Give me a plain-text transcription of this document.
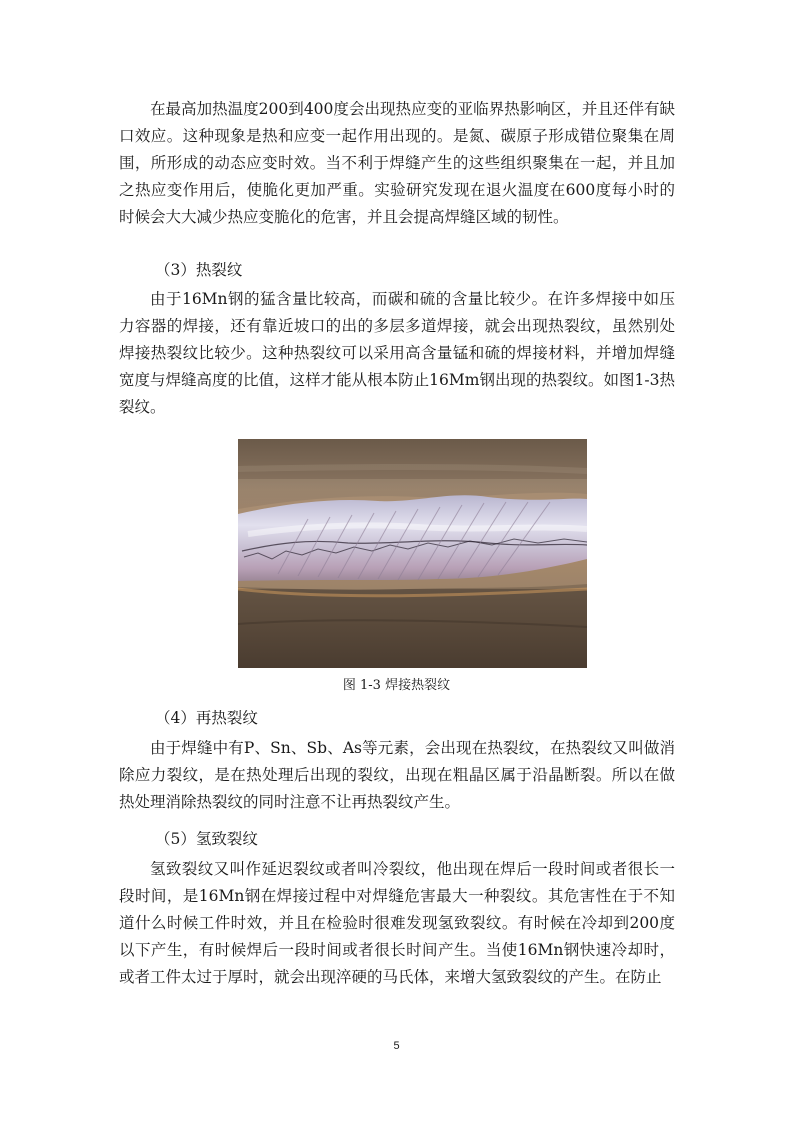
在最高加热温度200到400度会出现热应变的亚临界热影响区，并且还伴有缺口效应。这种现象是热和应变一起作用出现的。是氮、碳原子形成错位聚集在周围，所形成的动态应变时效。当不利于焊缝产生的这些组织聚集在一起，并且加之热应变作用后，使脆化更加严重。实验研究发现在退火温度在600度每小时的时候会大大减少热应变脆化的危害，并且会提高焊缝区域的韧性。

（3）热裂纹

由于16Mn钢的猛含量比较高，而碳和硫的含量比较少。在许多焊接中如压力容器的焊接，还有靠近坡口的出的多层多道焊接，就会出现热裂纹，虽然别处焊接热裂纹比较少。这种热裂纹可以采用高含量锰和硫的焊接材料，并增加焊缝宽度与焊缝高度的比值，这样才能从根本防止16Mm钢出现的热裂纹。如图1-3热裂纹。

图 1-3 焊接热裂纹

（4）再热裂纹

由于焊缝中有P、Sn、Sb、As等元素，会出现在热裂纹，在热裂纹又叫做消除应力裂纹，是在热处理后出现的裂纹，出现在粗晶区属于沿晶断裂。所以在做热处理消除热裂纹的同时注意不让再热裂纹产生。

（5）氢致裂纹

氢致裂纹又叫作延迟裂纹或者叫冷裂纹，他出现在焊后一段时间或者很长一段时间，是16Mn钢在焊接过程中对焊缝危害最大一种裂纹。其危害性在于不知道什么时候工件时效，并且在检验时很难发现氢致裂纹。有时候在冷却到200度以下产生，有时候焊后一段时间或者很长时间产生。当使16Mn钢快速冷却时，或者工件太过于厚时，就会出现淬硬的马氏体，来增大氢致裂纹的产生。在防止

5
